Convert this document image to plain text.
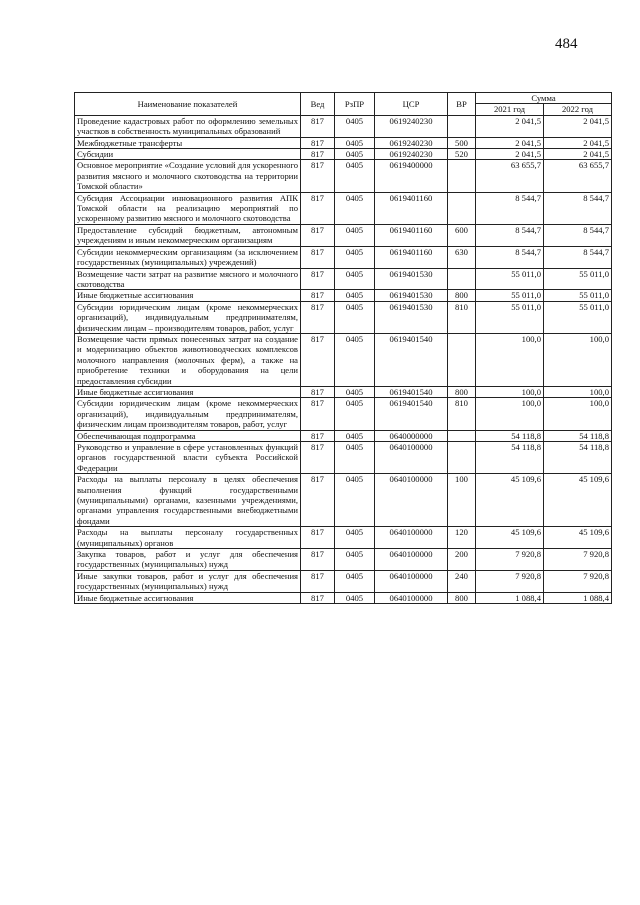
484
Наименование показателей	Вед	РзПР	ЦСР	ВР	Сумма	
					2021 год	2022 год
Проведение кадастровых работ по оформлению земельных участков в собственность муниципальных образований	817	0405	0619240230		2 041,5	2 041,5
Межбюджетные трансферты	817	0405	0619240230	500	2 041,5	2 041,5
Субсидии	817	0405	0619240230	520	2 041,5	2 041,5
Основное мероприятие «Создание условий для ускоренного развития мясного и молочного скотоводства на территории Томской области»	817	0405	0619400000		63 655,7	63 655,7
Субсидия Ассоциации инновационного развития АПК Томской области на реализацию мероприятий по ускоренному развитию мясного и молочного скотоводства	817	0405	0619401160		8 544,7	8 544,7
Предоставление субсидий бюджетным, автономным учреждениям и иным некоммерческим организациям	817	0405	0619401160	600	8 544,7	8 544,7
Субсидии некоммерческим организациям (за исключением государственных (муниципальных) учреждений)	817	0405	0619401160	630	8 544,7	8 544,7
Возмещение части затрат на развитие мясного и молочного скотоводства	817	0405	0619401530		55 011,0	55 011,0
Иные бюджетные ассигнования	817	0405	0619401530	800	55 011,0	55 011,0
Субсидии юридическим лицам (кроме некоммерческих организаций), индивидуальным предпринимателям, физическим лицам – производителям товаров, работ, услуг	817	0405	0619401530	810	55 011,0	55 011,0
Возмещение части прямых понесенных затрат на создание и модернизацию объектов животноводческих комплексов молочного направления (молочных ферм), а также на приобретение техники и оборудования на цели предоставления субсидии	817	0405	0619401540		100,0	100,0
Иные бюджетные ассигнования	817	0405	0619401540	800	100,0	100,0
Субсидии юридическим лицам (кроме некоммерческих организаций), индивидуальным предпринимателям, физическим лицам производителям товаров, работ, услуг	817	0405	0619401540	810	100,0	100,0
Обеспечивающая подпрограмма	817	0405	0640000000		54 118,8	54 118,8
Руководство и управление в сфере установленных функций органов государственной власти субъекта Российской Федерации	817	0405	0640100000		54 118,8	54 118,8
Расходы на выплаты персоналу в целях обеспечения выполнения функций государственными (муниципальными) органами, казенными учреждениями, органами управления государственными внебюджетными фондами	817	0405	0640100000	100	45 109,6	45 109,6
Расходы на выплаты персоналу государственных (муниципальных) органов	817	0405	0640100000	120	45 109,6	45 109,6
Закупка товаров, работ и услуг для обеспечения государственных (муниципальных) нужд	817	0405	0640100000	200	7 920,8	7 920,8
Иные закупки товаров, работ и услуг для обеспечения государственных (муниципальных) нужд	817	0405	0640100000	240	7 920,8	7 920,8
Иные бюджетные ассигнования	817	0405	0640100000	800	1 088,4	1 088,4
